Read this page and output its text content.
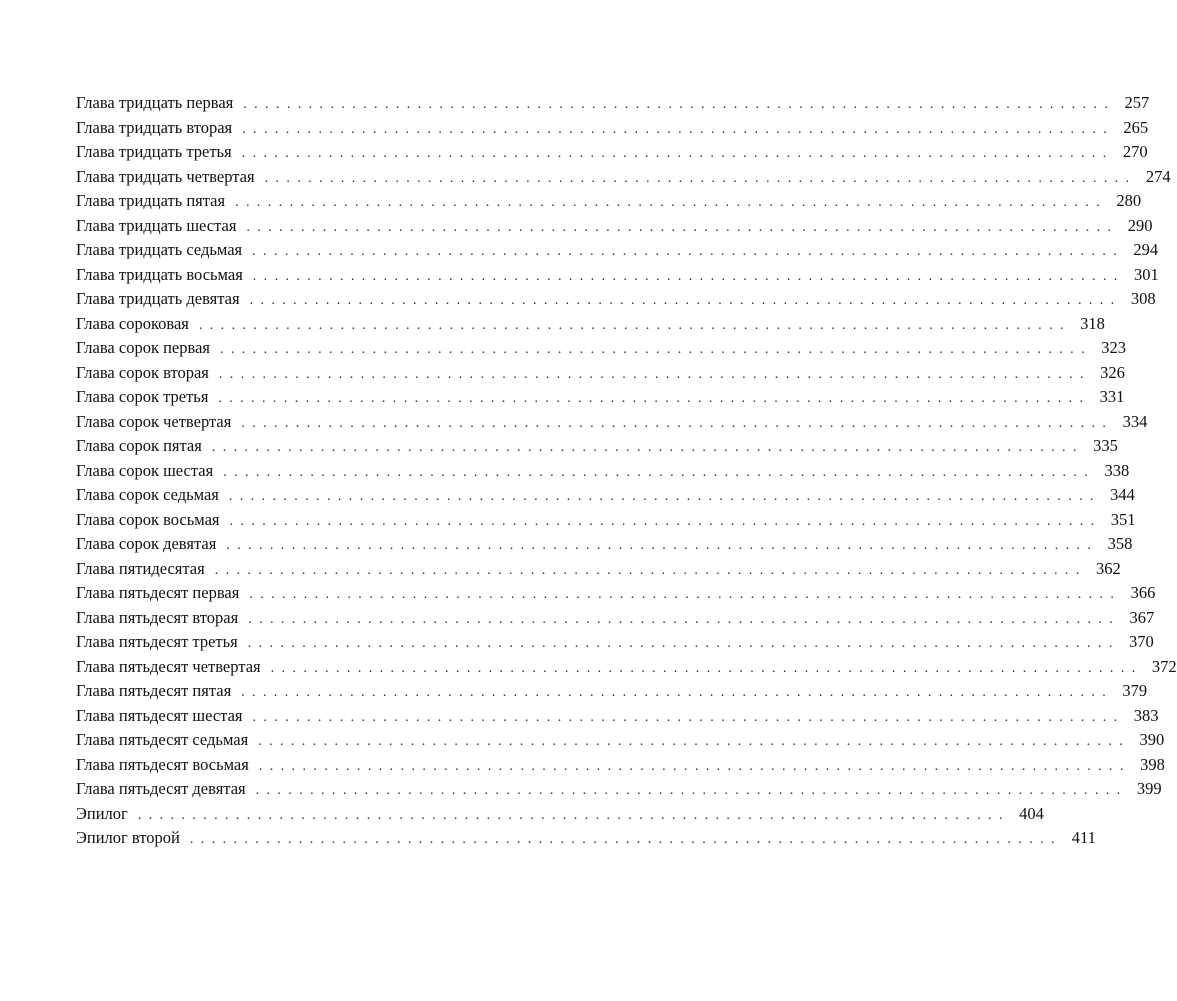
Глава тридцать первая ................................................................................ 257
Глава тридцать вторая ................................................................................ 265
Глава тридцать третья ................................................................................ 270
Глава тридцать четвертая ................................................................................ 274
Глава тридцать пятая ................................................................................ 280
Глава тридцать шестая ................................................................................ 290
Глава тридцать седьмая ................................................................................ 294
Глава тридцать восьмая ................................................................................ 301
Глава тридцать девятая ................................................................................ 308
Глава сороковая ................................................................................ 318
Глава сорок первая ................................................................................ 323
Глава сорок вторая ................................................................................ 326
Глава сорок третья ................................................................................ 331
Глава сорок четвертая ................................................................................ 334
Глава сорок пятая ................................................................................ 335
Глава сорок шестая ................................................................................ 338
Глава сорок седьмая ................................................................................ 344
Глава сорок восьмая ................................................................................ 351
Глава сорок девятая ................................................................................ 358
Глава пятидесятая ................................................................................ 362
Глава пятьдесят первая ................................................................................ 366
Глава пятьдесят вторая ................................................................................ 367
Глава пятьдесят третья ................................................................................ 370
Глава пятьдесят четвертая ................................................................................ 372
Глава пятьдесят пятая ................................................................................ 379
Глава пятьдесят шестая ................................................................................ 383
Глава пятьдесят седьмая ................................................................................ 390
Глава пятьдесят восьмая ................................................................................ 398
Глава пятьдесят девятая ................................................................................ 399
Эпилог ................................................................................ 404
Эпилог второй ................................................................................ 411
